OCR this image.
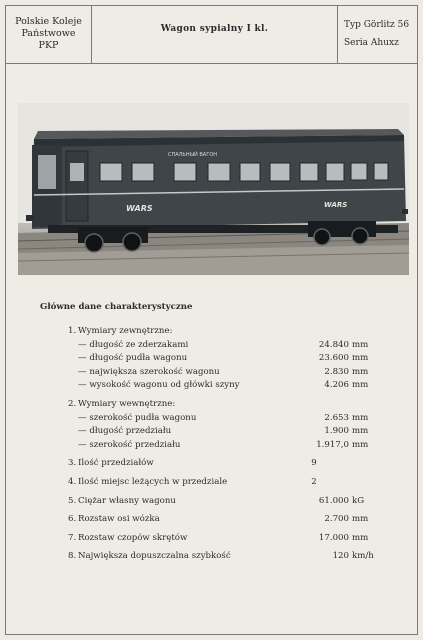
Polskie Koleje
Państwowe
PKP
Wagon sypialny I kl.	Typ Görlitz 56
Seria Ahuxz
СПАЛЬНЫЙ ВАГОН
WARS	WARS
Główne dane charakterystyczne
1. Wymiary zewnętrzne:
— długość ze zderzakami	24.840 mm
— długość pudła wagonu	23.600 mm
— największa szerokość wagonu	2.830 mm
— wysokość wagonu od główki szyny	4.206 mm
2. Wymiary wewnętrzne:
— szerokość pudła wagonu	2.653 mm
— długość przedziału	1.900 mm
— szerokość przedziału	1.917,0 mm
3. Ilość przedziałów	9
4. Ilość miejsc leżących w przedziale	2
5. Ciężar własny wagonu	61.000 kG
6. Rozstaw osi wózka	2.700 mm
7. Rozstaw czopów skrętów	17.000 mm
8. Największa dopuszczalna szybkość	120 km/h
